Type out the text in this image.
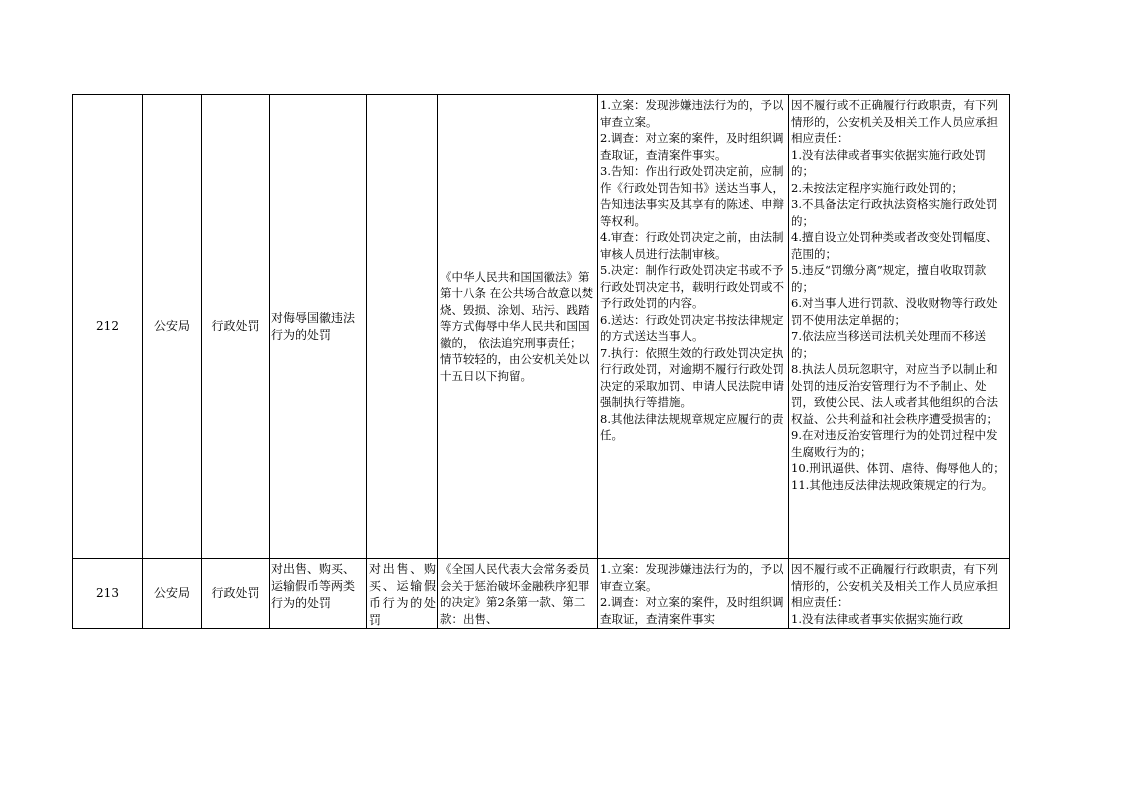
212	公安局 行政处罚
对侮辱国徽违法行为的处罚
《中华人民共和国国徽法》第第十八条 在公共场合故意以焚烧、毁损、涂划、玷污、践踏等方式侮辱中华人民共和国国徽的， 依法追究刑事责任； 情节较轻的，由公安机关处以十五日以下拘留。
1.立案：发现涉嫌违法行为的，予以审查立案。
2.调查：对立案的案件，及时组织调查取证，查清案件事实。
3.告知：作出行政处罚决定前，应制作《行政处罚告知书》送达当事人，告知违法事实及其享有的陈述、申辩等权利。
4.审查：行政处罚决定之前，由法制审核人员进行法制审核。
5.决定：制作行政处罚决定书或不予行政处罚决定书，载明行政处罚或不予行政处罚的内容。
6.送达：行政处罚决定书按法律规定的方式送达当事人。
7.执行：依照生效的行政处罚决定执行行政处罚，对逾期不履行行政处罚决定的采取加罚、申请人民法院申请强制执行等措施。
8.其他法律法规规章规定应履行的责任。
因不履行或不正确履行行政职责，有下列情形的，公安机关及相关工作人员应承担相应责任：
1.没有法律或者事实依据实施行政处罚的；
2.未按法定程序实施行政处罚的；
3.不具备法定行政执法资格实施行政处罚的；
4.擅自设立处罚种类或者改变处罚幅度、范围的；
5.违反“罚缴分离”规定，擅自收取罚款的；
6.对当事人进行罚款、没收财物等行政处罚不使用法定单据的；
7.依法应当移送司法机关处理而不移送的；
8.执法人员玩忽职守，对应当予以制止和处罚的违反治安管理行为不予制止、处罚，致使公民、法人或者其他组织的合法权益、公共利益和社会秩序遭受损害的；
9.在对违反治安管理行为的处罚过程中发生腐败行为的；
10.刑讯逼供、体罚、虐待、侮辱他人的；
11.其他违反法律法规政策规定的行为。
213	公安局 行政处罚
对出售、购买、运输假币等两类行为的处罚
对出售、购买、运输假币行为的处罚
《全国人民代表大会常务委员会关于惩治破坏金融秩序犯罪的决定》第2条第一款、第二款：出售、
1.立案：发现涉嫌违法行为的，予以审查立案。
2.调查：对立案的案件，及时组织调查取证，查清案件事实
因不履行或不正确履行行政职责，有下列情形的，公安机关及相关工作人员应承担相应责任：
1.没有法律或者事实依据实施行政
